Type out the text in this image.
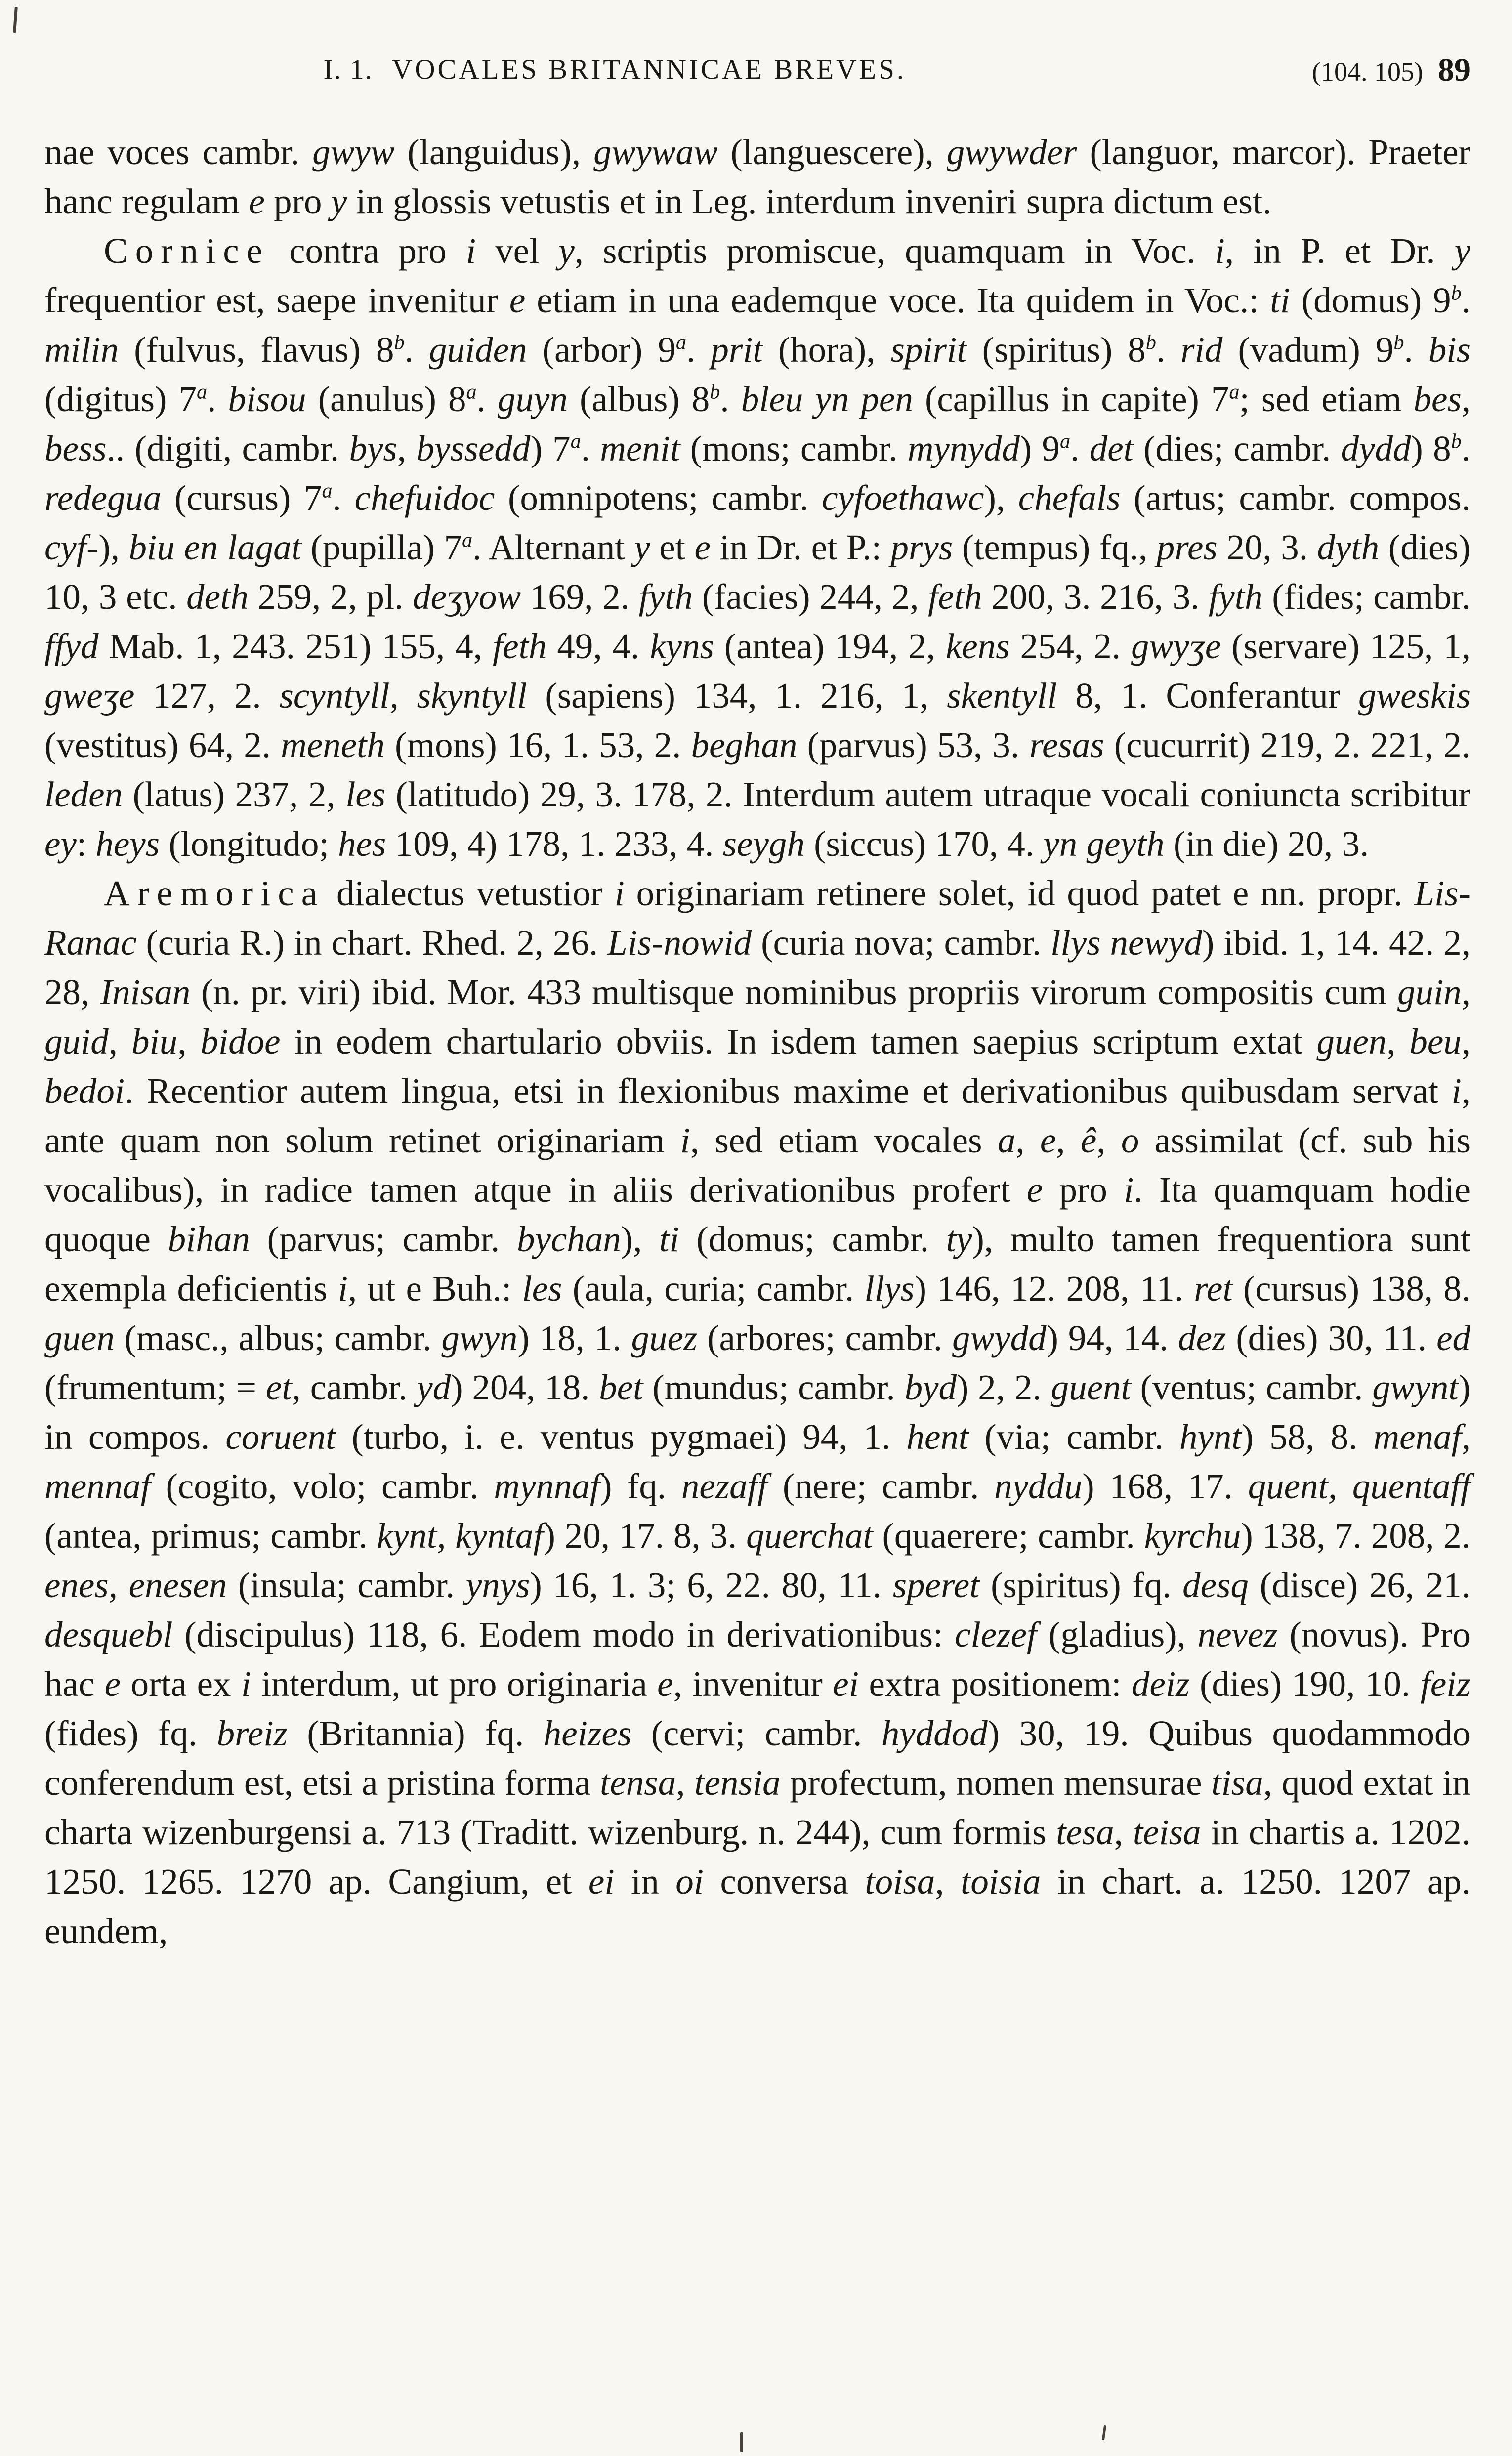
I. 1. VOCALES BRITANNICAE BREVES.	(104. 105) 89

nae voces cambr. gwyw (languidus), gwywaw (languescere), gwywder (languor, marcor). Praeter hanc regulam e pro y in glossis vetustis et in Leg. interdum inveniri supra dictum est.

Cornice contra pro i vel y, scriptis promiscue, quamquam in Voc. i, in P. et Dr. y frequentior est, saepe invenitur e etiam in una eademque voce. Ita quidem in Voc.: ti (domus) 9$^b$. milin (fulvus, flavus) 8$^b$. guiden (arbor) 9$^a$. prit (hora), spirit (spiritus) 8$^b$. rid (vadum) 9$^b$. bis (digitus) 7$^a$. bisou (anulus) 8$^a$. guyn (albus) 8$^b$. bleu yn pen (capillus in capite) 7$^a$; sed etiam bes, bess.. (digiti, cambr. bys, byssedd) 7$^a$. menit (mons; cambr. mynydd) 9$^a$. det (dies; cambr. dydd) 8$^b$. redegua (cursus) 7$^a$. chefuidoc (omnipotens; cambr. cyfoethawc), chefals (artus; cambr. compos. cyf-), biu en lagat (pupilla) 7$^a$. Alternant y et e in Dr. et P.: prys (tempus) fq., pres 20, 3. dyth (dies) 10, 3 etc. deth 259, 2, pl. deʒyow 169, 2. fyth (facies) 244, 2, feth 200, 3. 216, 3. fyth (fides; cambr. ffyd Mab. 1, 243. 251) 155, 4, feth 49, 4. kyns (antea) 194, 2, kens 254, 2. gwyʒe (servare) 125, 1, gweʒe 127, 2. scyntyll, skyntyll (sapiens) 134, 1. 216, 1, skentyll 8, 1. Conferantur gweskis (vestitus) 64, 2. meneth (mons) 16, 1. 53, 2. beghan (parvus) 53, 3. resas (cucurrit) 219, 2. 221, 2. leden (latus) 237, 2, les (latitudo) 29, 3. 178, 2. Interdum autem utraque vocali coniuncta scribitur ey: heys (longitudo; hes 109, 4) 178, 1. 233, 4. seygh (siccus) 170, 4. yn geyth (in die) 20, 3.

Aremorica dialectus vetustior i originariam retinere solet, id quod patet e nn. propr. Lis-Ranac (curia R.) in chart. Rhed. 2, 26. Lis-nowid (curia nova; cambr. llys newyd) ibid. 1, 14. 42. 2, 28, Inisan (n. pr. viri) ibid. Mor. 433 multisque nominibus propriis virorum compositis cum guin, guid, biu, bidoe in eodem chartulario obviis. In isdem tamen saepius scriptum extat guen, beu, bedoi. Recentior autem lingua, etsi in flexionibus maxime et derivationibus quibusdam servat i, ante quam non solum retinet originariam i, sed etiam vocales a, e, ê, o assimilat (cf. sub his vocalibus), in radice tamen atque in aliis derivationibus profert e pro i. Ita quamquam hodie quoque bihan (parvus; cambr. bychan), ti (domus; cambr. ty), multo tamen frequentiora sunt exempla deficientis i, ut e Buh.: les (aula, curia; cambr. llys) 146, 12. 208, 11. ret (cursus) 138, 8. guen (masc., albus; cambr. gwyn) 18, 1. guez (arbores; cambr. gwydd) 94, 14. dez (dies) 30, 11. ed (frumentum; = et, cambr. yd) 204, 18. bet (mundus; cambr. byd) 2, 2. guent (ventus; cambr. gwynt) in compos. coruent (turbo, i. e. ventus pygmaei) 94, 1. hent (via; cambr. hynt) 58, 8. menaf, mennaf (cogito, volo; cambr. mynnaf) fq. nezaff (nere; cambr. nyddu) 168, 17. quent, quentaff (antea, primus; cambr. kynt, kyntaf) 20, 17. 8, 3. querchat (quaerere; cambr. kyrchu) 138, 7. 208, 2. enes, enesen (insula; cambr. ynys) 16, 1. 3; 6, 22. 80, 11. speret (spiritus) fq. desq (disce) 26, 21. desquebl (discipulus) 118, 6. Eodem modo in derivationibus: clezef (gladius), nevez (novus). Pro hac e orta ex i interdum, ut pro originaria e, invenitur ei extra positionem: deiz (dies) 190, 10. feiz (fides) fq. breiz (Britannia) fq. heizes (cervi; cambr. hyddod) 30, 19. Quibus quodammodo conferendum est, etsi a pristina forma tensa, tensia profectum, nomen mensurae tisa, quod extat in charta wizenburgensi a. 713 (Traditt. wizenburg. n. 244), cum formis tesa, teisa in chartis a. 1202. 1250. 1265. 1270 ap. Cangium, et ei in oi conversa toisa, toisia in chart. a. 1250. 1207 ap. eundem,
